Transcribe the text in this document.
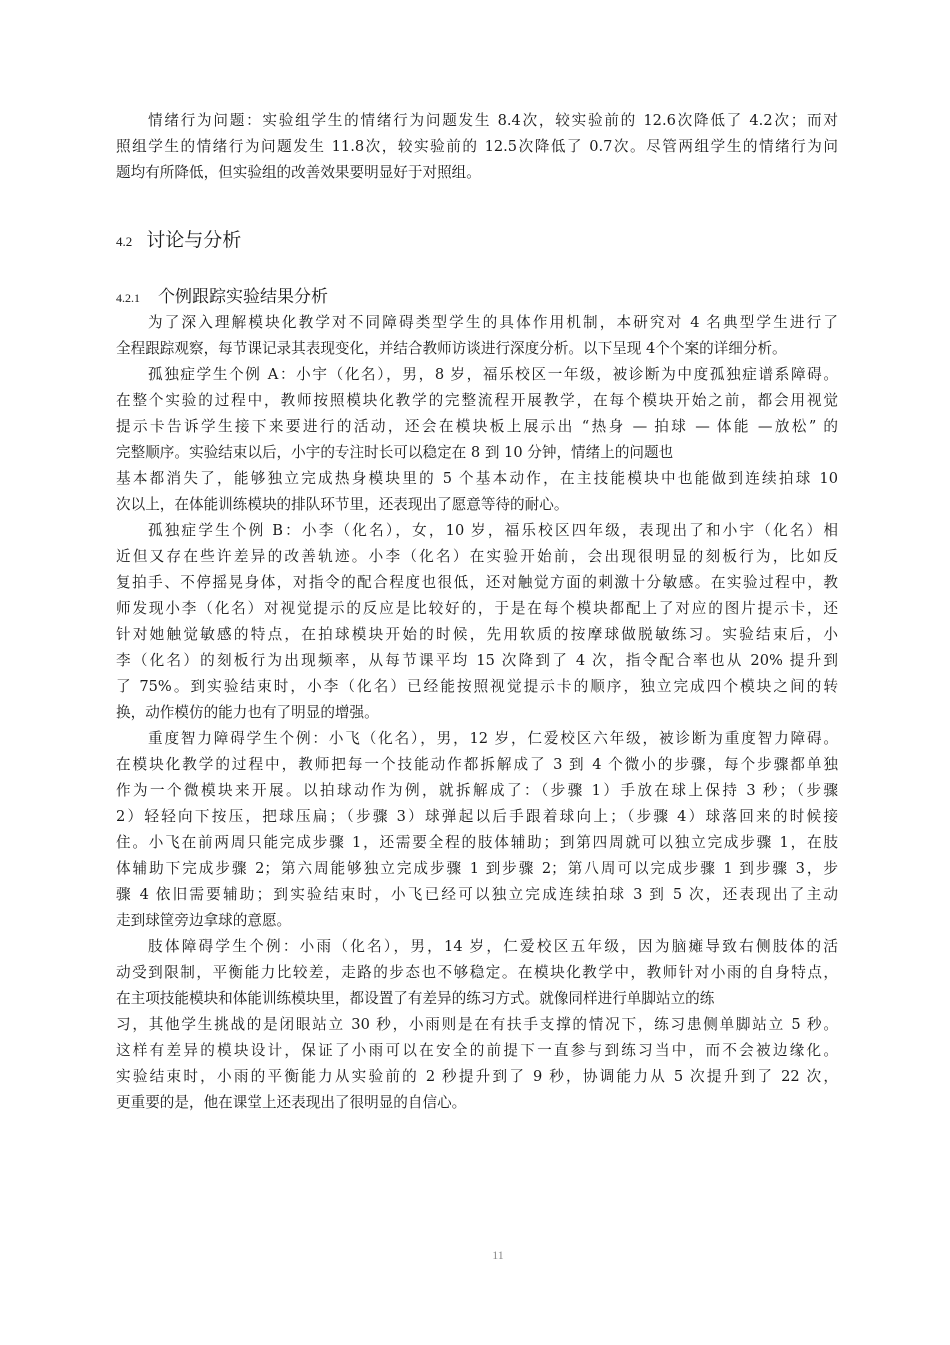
情绪行为问题：实验组学生的情绪行为问题发生 8.4次，较实验前的 12.6次降低了 4.2次；而对
照组学生的情绪行为问题发生 11.8次，较实验前的 12.5次降低了 0.7次。尽管两组学生的情绪行为问
题均有所降低，但实验组的改善效果要明显好于对照组。
4.2 讨论与分析
4.2.1 个例跟踪实验结果分析
为了深入理解模块化教学对不同障碍类型学生的具体作用机制，本研究对 4 名典型学生进行了
全程跟踪观察，每节课记录其表现变化，并结合教师访谈进行深度分析。以下呈现 4个个案的详细分析。
孤独症学生个例 A：小宇（化名），男，8 岁，福乐校区一年级，被诊断为中度孤独症谱系障碍。
在整个实验的过程中，教师按照模块化教学的完整流程开展教学，在每个模块开始之前，都会用视觉
提示卡告诉学生接下来要进行的活动，还会在模块板上展示出 “热身 — 拍球 — 体能 —放松” 的
完整顺序。实验结束以后，小宇的专注时长可以稳定在 8 到 10 分钟，情绪上的问题也
基本都消失了，能够独立完成热身模块里的 5 个基本动作，在主技能模块中也能做到连续拍球 10
次以上，在体能训练模块的排队环节里，还表现出了愿意等待的耐心。
孤独症学生个例 B：小李（化名），女，10 岁，福乐校区四年级，表现出了和小宇（化名）相
近但又存在些许差异的改善轨迹。小李（化名）在实验开始前，会出现很明显的刻板行为，比如反
复拍手、不停摇晃身体，对指令的配合程度也很低，还对触觉方面的刺激十分敏感。在实验过程中，教
师发现小李（化名）对视觉提示的反应是比较好的，于是在每个模块都配上了对应的图片提示卡，还
针对她触觉敏感的特点，在拍球模块开始的时候，先用软质的按摩球做脱敏练习。实验结束后，小
李（化名）的刻板行为出现频率，从每节课平均 15 次降到了 4 次，指令配合率也从 20% 提升到
了 75%。到实验结束时，小李（化名）已经能按照视觉提示卡的顺序，独立完成四个模块之间的转
换，动作模仿的能力也有了明显的增强。
重度智力障碍学生个例：小飞（化名），男，12 岁，仁爱校区六年级，被诊断为重度智力障碍。
在模块化教学的过程中，教师把每一个技能动作都拆解成了 3 到 4 个微小的步骤，每个步骤都单独
作为一个微模块来开展。以拍球动作为例，就拆解成了：（步骤 1）手放在球上保持 3 秒；（步骤
2）轻轻向下按压，把球压扁；（步骤 3）球弹起以后手跟着球向上；（步骤 4）球落回来的时候接
住。小飞在前两周只能完成步骤 1，还需要全程的肢体辅助；到第四周就可以独立完成步骤 1，在肢
体辅助下完成步骤 2；第六周能够独立完成步骤 1 到步骤 2；第八周可以完成步骤 1 到步骤 3，步
骤 4 依旧需要辅助；到实验结束时，小飞已经可以独立完成连续拍球 3 到 5 次，还表现出了主动
走到球筐旁边拿球的意愿。
肢体障碍学生个例：小雨（化名），男，14 岁，仁爱校区五年级，因为脑瘫导致右侧肢体的活
动受到限制，平衡能力比较差，走路的步态也不够稳定。在模块化教学中，教师针对小雨的自身特点，
在主项技能模块和体能训练模块里，都设置了有差异的练习方式。就像同样进行单脚站立的练
习，其他学生挑战的是闭眼站立 30 秒，小雨则是在有扶手支撑的情况下，练习患侧单脚站立 5 秒。
这样有差异的模块设计，保证了小雨可以在安全的前提下一直参与到练习当中，而不会被边缘化。
实验结束时，小雨的平衡能力从实验前的 2 秒提升到了 9 秒，协调能力从 5 次提升到了 22 次，
更重要的是，他在课堂上还表现出了很明显的自信心。
11
